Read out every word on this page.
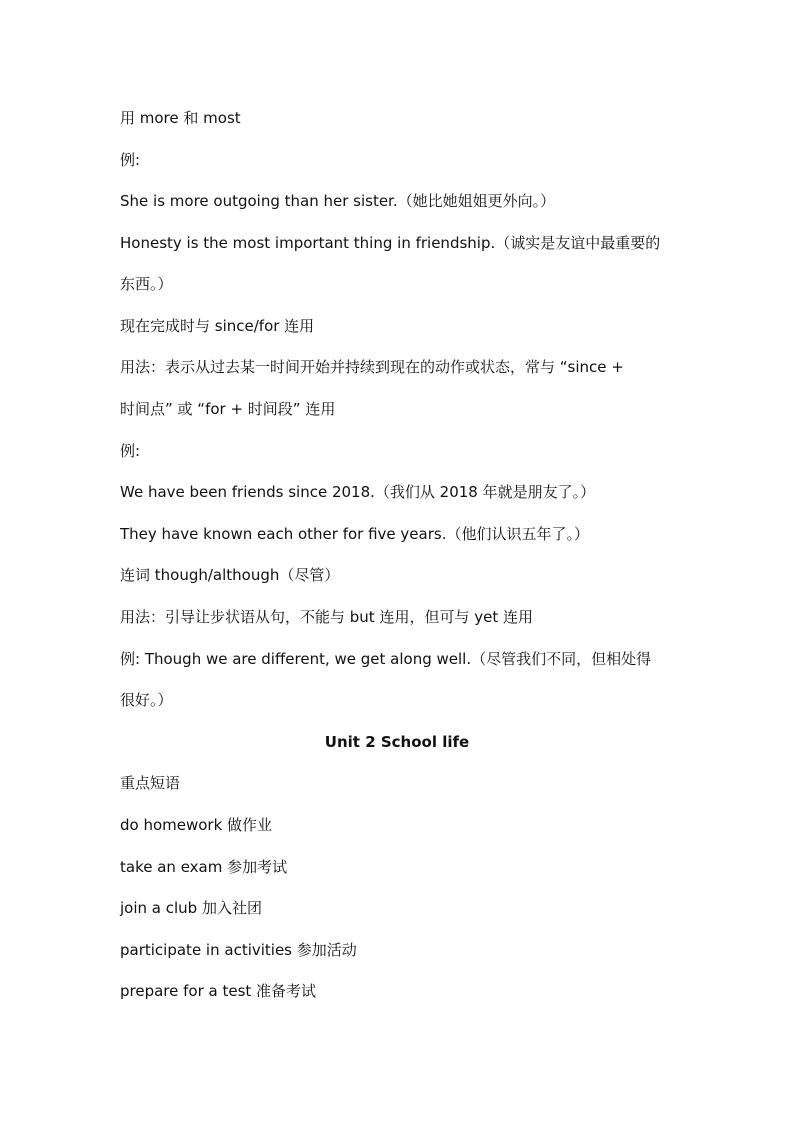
用 more 和 most
例:
She is more outgoing than her sister.（她比她姐姐更外向。）
Honesty is the most important thing in friendship.（诚实是友谊中最重要的
东西。）
现在完成时与 since/for 连用
用法：表示从过去某一时间开始并持续到现在的动作或状态，常与 “since +
时间点” 或 “for + 时间段” 连用
例:
We have been friends since 2018.（我们从 2018 年就是朋友了。）
They have known each other for five years.（他们认识五年了。）
连词 though/although（尽管）
用法：引导让步状语从句，不能与 but 连用，但可与 yet 连用
例: Though we are different, we get along well.（尽管我们不同，但相处得
很好。）
Unit 2 School life
重点短语
do homework 做作业
take an exam 参加考试
join a club 加入社团
participate in activities 参加活动
prepare for a test 准备考试
